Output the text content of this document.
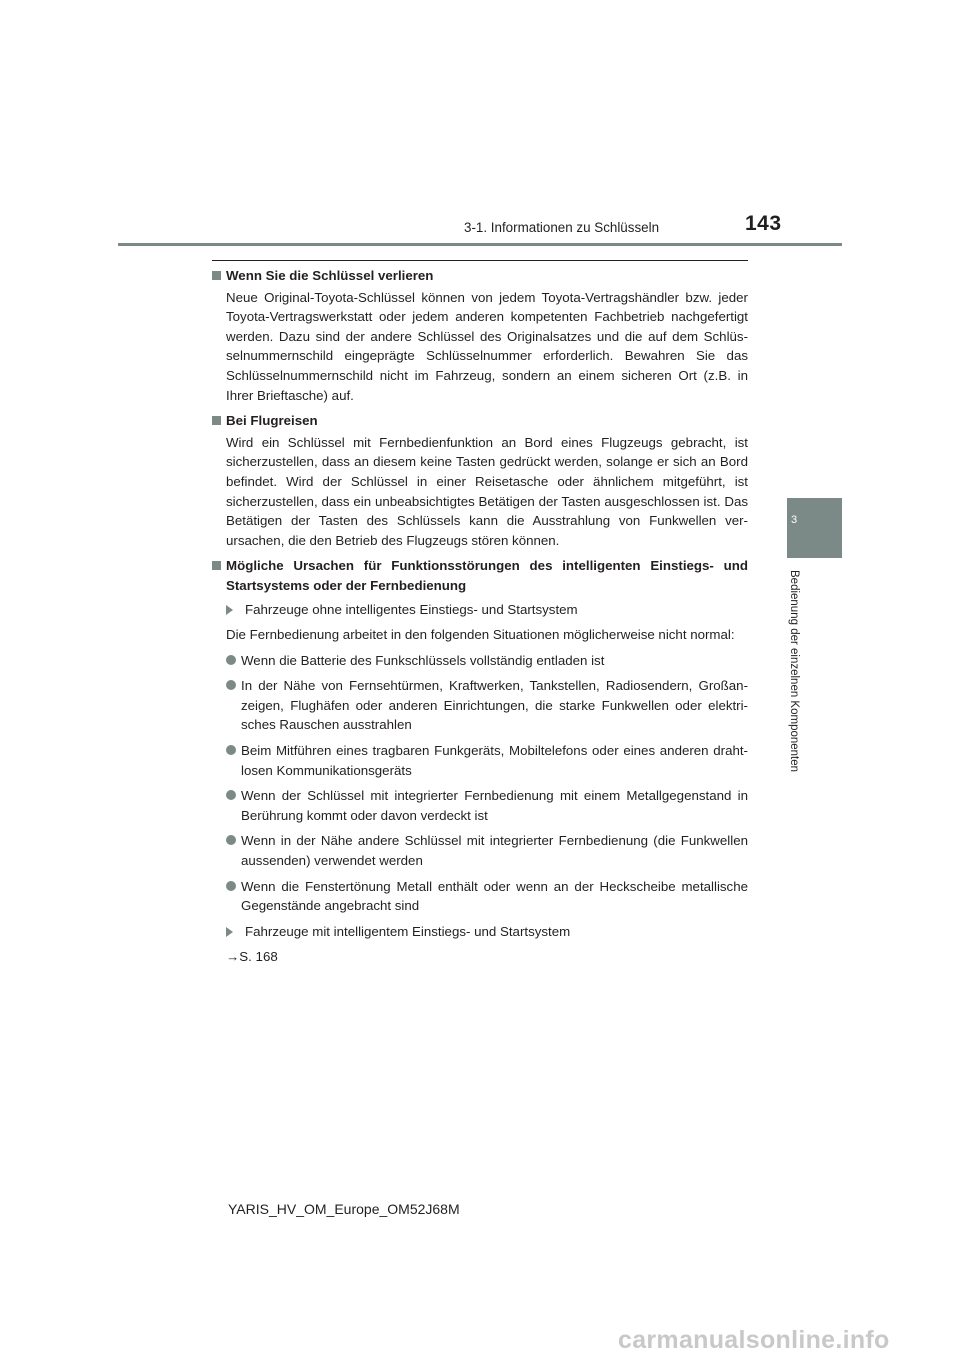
3-1. Informationen zu Schlüsseln	143
3
Bedienung der einzelnen Komponenten
Wenn Sie die Schlüssel verlieren

Neue Original-Toyota-Schlüssel können von jedem Toyota-Vertragshändler bzw. jeder Toyota-Vertragswerkstatt oder jedem anderen kompetenten Fachbetrieb nachgefertigt werden. Dazu sind der andere Schlüssel des Originalsatzes und die auf dem Schlüs-selnummernschild eingeprägte Schlüsselnummer erforderlich. Bewahren Sie das Schlüsselnummernschild nicht im Fahrzeug, sondern an einem sicheren Ort (z.B. in Ihrer Brieftasche) auf.

Bei Flugreisen

Wird ein Schlüssel mit Fernbedienfunktion an Bord eines Flugzeugs gebracht, ist sicherzustellen, dass an diesem keine Tasten gedrückt werden, solange er sich an Bord befindet. Wird der Schlüssel in einer Reisetasche oder ähnlichem mitgeführt, ist sicherzustellen, dass ein unbeabsichtigtes Betätigen der Tasten ausgeschlossen ist. Das Betätigen der Tasten des Schlüssels kann die Ausstrahlung von Funkwellen ver-ursachen, die den Betrieb des Flugzeugs stören können.

Mögliche Ursachen für Funktionsstörungen des intelligenten Einstiegs- und Startsystems oder der Fernbedienung
Fahrzeuge ohne intelligentes Einstiegs- und Startsystem

Die Fernbedienung arbeitet in den folgenden Situationen möglicherweise nicht normal:

Wenn die Batterie des Funkschlüssels vollständig entladen ist
In der Nähe von Fernsehtürmen, Kraftwerken, Tankstellen, Radiosendern, Großan-zeigen, Flughäfen oder anderen Einrichtungen, die starke Funkwellen oder elektri-sches Rauschen ausstrahlen
Beim Mitführen eines tragbaren Funkgeräts, Mobiltelefons oder eines anderen draht-losen Kommunikationsgeräts
Wenn der Schlüssel mit integrierter Fernbedienung mit einem Metallgegenstand in Berührung kommt oder davon verdeckt ist
Wenn in der Nähe andere Schlüssel mit integrierter Fernbedienung (die Funkwellen aussenden) verwendet werden
Wenn die Fenstertönung Metall enthält oder wenn an der Heckscheibe metallische Gegenstände angebracht sind
Fahrzeuge mit intelligentem Einstiegs- und Startsystem

→S. 168

YARIS_HV_OM_Europe_OM52J68M
carmanualsonline.info
